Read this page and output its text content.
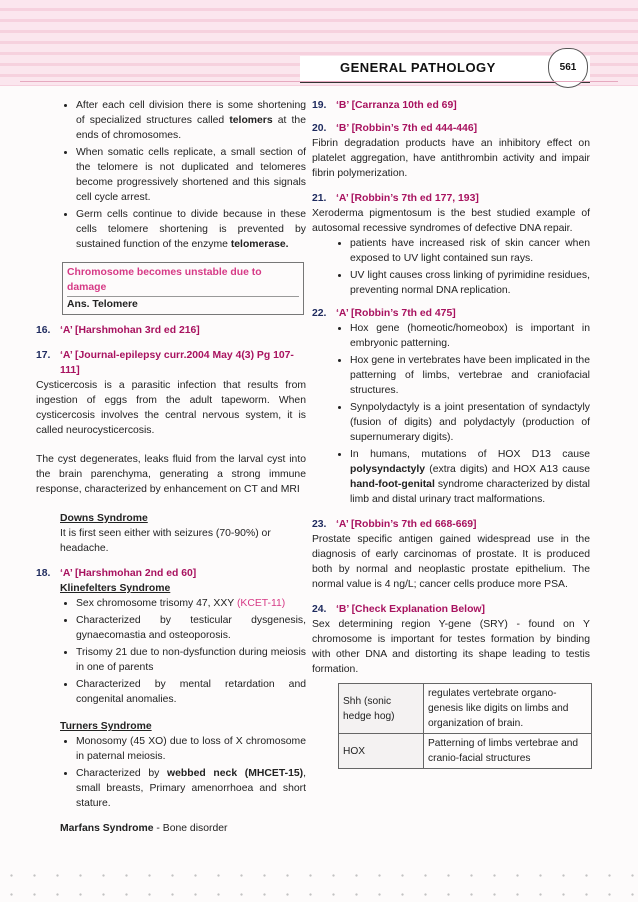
GENERAL PATHOLOGY	561
• After each cell division there is some shortening of specialized structures called telomers at the ends of chromosomes.
• When somatic cells replicate, a small section of the telomere is not duplicated and telomeres become progressively shortened and this signals cell cycle arrest.
• Germ cells continue to divide because in these cells telomere shortening is prevented by sustained function of the enzyme telomerase.
Chromosome becomes unstable due to damage
Ans. Telomere
16. ‘A’ [Harshmohan 3rd ed 216]
17. ‘A’ [Journal-epilepsy curr.2004 May 4(3) Pg 107-111]

Cysticercosis is a parasitic infection that results from ingestion of eggs from the adult tapeworm. When cysticercosis involves the central nervous system, it is called neurocysticercosis.

The cyst degenerates, leaks fluid from the larval cyst into the brain parenchyma, generating a strong immune response, characterized by enhancement on CT and MRI

Downs Syndrome
It is first seen either with seizures (70-90%) or headache.
18. ‘A’ [Harshmohan 2nd ed 60]
Klinefelters Syndrome
• Sex chromosome trisomy 47, XXY (KCET-11)
• Characterized by testicular dysgenesis, gynaecomastia and osteoporosis.
• Trisomy 21 due to non-dysfunction during meiosis in one of parents
• Characterized by mental retardation and congenital anomalies.
Turners Syndrome
• Monosomy (45 XO) due to loss of X chromosome in paternal meiosis.
• Characterized by webbed neck (MHCET-15), small breasts, Primary amenorrhoea and short stature.
Marfans Syndrome - Bone disorder
19. ‘B’ [Carranza 10th ed 69]
20. ‘B’ [Robbin’s 7th ed 444-446]

Fibrin degradation products have an inhibitory effect on platelet aggregation, have antithrombin activity and impair fibrin polymerization.

21. ‘A’ [Robbin’s 7th ed 177, 193]

Xeroderma pigmentosum is the best studied example of autosomal recessive syndromes of defective DNA repair.

• patients have increased risk of skin cancer when exposed to UV light contained sun rays.
• UV light causes cross linking of pyrimidine residues, preventing normal DNA replication.
22. ‘A’ [Robbin’s 7th ed 475]
• Hox gene (homeotic/homeobox) is important in embryonic patterning.
• Hox gene in vertebrates have been implicated in the patterning of limbs, vertebrae and craniofacial structures.
• Synpolydactyly is a joint presentation of syndactyly (fusion of digits) and polydactyly (production of supernumerary digits).
• In humans, mutations of HOX D13 cause polysyndactyly (extra digits) and HOX A13 cause hand-foot-genital syndrome characterized by distal limb and distal urinary tract malformations.
23. ‘A’ [Robbin’s 7th ed 668-669]

Prostate specific antigen gained widespread use in the diagnosis of early carcinomas of prostate. It is produced both by normal and neoplastic prostate epithelium. The normal value is 4 ng/L; cancer cells produce more PSA.

24. ‘B’ [Check Explanation Below]

Sex determining region Y-gene (SRY) - found on Y chromosome is important for testes formation by binding with other DNA and distorting its shape leading to testis formation.

Shh (sonic hedge hog)	regulates vertebrate organo-genesis like digits on limbs and organization of brain.
HOX	Patterning of limbs vertebrae and cranio-facial structures
